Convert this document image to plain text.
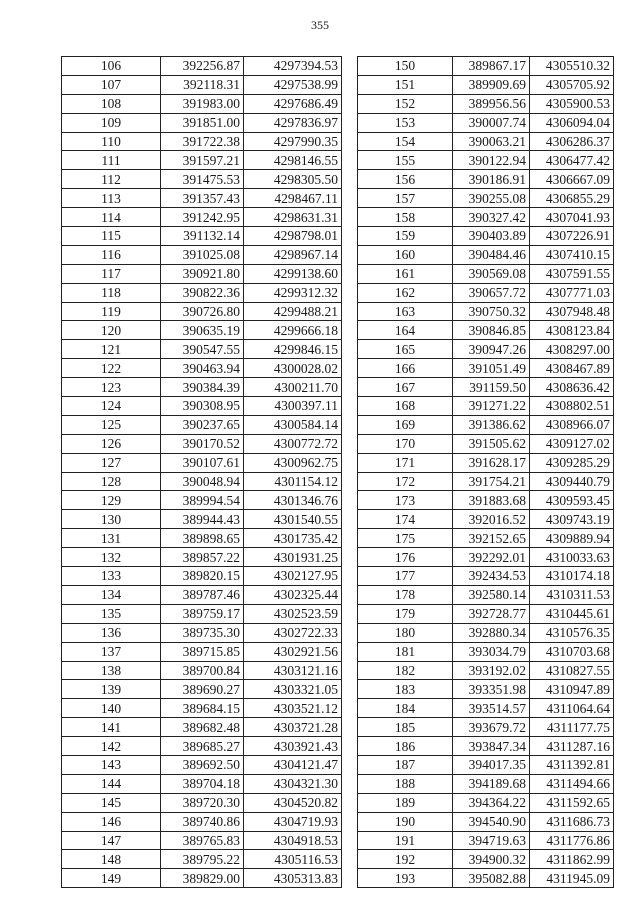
355
106	392256.87	4297394.53
107	392118.31	4297538.99
108	391983.00	4297686.49
109	391851.00	4297836.97
110	391722.38	4297990.35
111	391597.21	4298146.55
112	391475.53	4298305.50
113	391357.43	4298467.11
114	391242.95	4298631.31
115	391132.14	4298798.01
116	391025.08	4298967.14
117	390921.80	4299138.60
118	390822.36	4299312.32
119	390726.80	4299488.21
120	390635.19	4299666.18
121	390547.55	4299846.15
122	390463.94	4300028.02
123	390384.39	4300211.70
124	390308.95	4300397.11
125	390237.65	4300584.14
126	390170.52	4300772.72
127	390107.61	4300962.75
128	390048.94	4301154.12
129	389994.54	4301346.76
130	389944.43	4301540.55
131	389898.65	4301735.42
132	389857.22	4301931.25
133	389820.15	4302127.95
134	389787.46	4302325.44
135	389759.17	4302523.59
136	389735.30	4302722.33
137	389715.85	4302921.56
138	389700.84	4303121.16
139	389690.27	4303321.05
140	389684.15	4303521.12
141	389682.48	4303721.28
142	389685.27	4303921.43
143	389692.50	4304121.47
144	389704.18	4304321.30
145	389720.30	4304520.82
146	389740.86	4304719.93
147	389765.83	4304918.53
148	389795.22	4305116.53
149	389829.00	4305313.83
150	389867.17	4305510.32
151	389909.69	4305705.92
152	389956.56	4305900.53
153	390007.74	4306094.04
154	390063.21	4306286.37
155	390122.94	4306477.42
156	390186.91	4306667.09
157	390255.08	4306855.29
158	390327.42	4307041.93
159	390403.89	4307226.91
160	390484.46	4307410.15
161	390569.08	4307591.55
162	390657.72	4307771.03
163	390750.32	4307948.48
164	390846.85	4308123.84
165	390947.26	4308297.00
166	391051.49	4308467.89
167	391159.50	4308636.42
168	391271.22	4308802.51
169	391386.62	4308966.07
170	391505.62	4309127.02
171	391628.17	4309285.29
172	391754.21	4309440.79
173	391883.68	4309593.45
174	392016.52	4309743.19
175	392152.65	4309889.94
176	392292.01	4310033.63
177	392434.53	4310174.18
178	392580.14	4310311.53
179	392728.77	4310445.61
180	392880.34	4310576.35
181	393034.79	4310703.68
182	393192.02	4310827.55
183	393351.98	4310947.89
184	393514.57	4311064.64
185	393679.72	4311177.75
186	393847.34	4311287.16
187	394017.35	4311392.81
188	394189.68	4311494.66
189	394364.22	4311592.65
190	394540.90	4311686.73
191	394719.63	4311776.86
192	394900.32	4311862.99
193	395082.88	4311945.09
